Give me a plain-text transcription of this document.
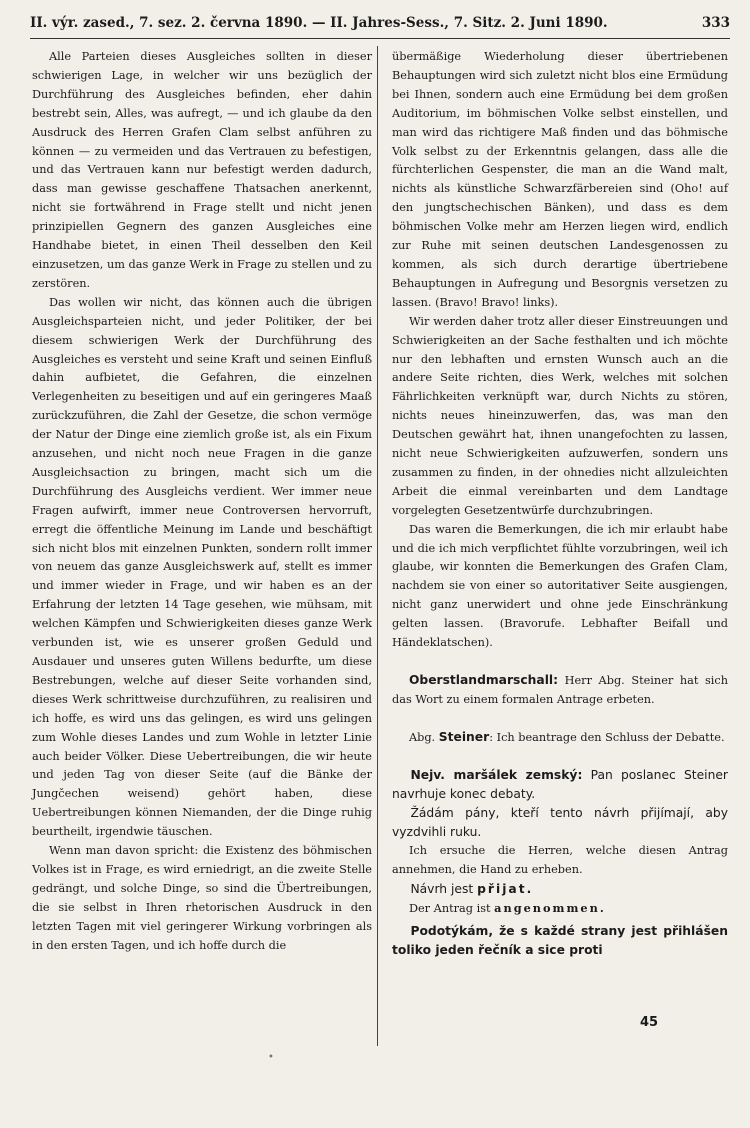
II. výr. zased., 7. sez. 2. června 1890. — II. Jahres-Sess., 7. Sitz. 2. Juni 1890.	333

Alle Parteien dieses Ausgleiches sollten in dieser schwierigen Lage, in welcher wir uns bezüglich der Durchführung des Ausgleiches befinden, eher dahin bestrebt sein, Alles, was aufregt, — und ich glaube da den Ausdruck des Herren Grafen Clam selbst anführen zu können — zu vermeiden und das Vertrauen zu befestigen, und das Vertrauen kann nur befestigt werden dadurch, dass man gewisse geschaffene Thatsachen anerkennt, nicht sie fortwährend in Frage stellt und nicht jenen prinzipiellen Gegnern des ganzen Ausgleiches eine Handhabe bietet, in einen Theil desselben den Keil einzusetzen, um das ganze Werk in Frage zu stellen und zu zerstören.

Das wollen wir nicht, das können auch die übrigen Ausgleichsparteien nicht, und jeder Politiker, der bei diesem schwierigen Werk der Durchführung des Ausgleiches es versteht und seine Kraft und seinen Einfluß dahin aufbietet, die Gefahren, die einzelnen Verlegenheiten zu beseitigen und auf ein geringeres Maaß zurückzuführen, die Zahl der Gesetze, die schon vermöge der Natur der Dinge eine ziemlich große ist, als ein Fixum anzusehen, und nicht noch neue Fragen in die ganze Ausgleichsaction zu bringen, macht sich um die Durchführung des Ausgleichs verdient. Wer immer neue Fragen aufwirft, immer neue Controversen hervorruft, erregt die öffentliche Meinung im Lande und beschäftigt sich nicht blos mit einzelnen Punkten, sondern rollt immer von neuem das ganze Ausgleichswerk auf, stellt es immer und immer wieder in Frage, und wir haben es an der Erfahrung der letzten 14 Tage gesehen, wie mühsam, mit welchen Kämpfen und Schwierigkeiten dieses ganze Werk verbunden ist, wie es unserer großen Geduld und Ausdauer und unseres guten Willens bedurfte, um diese Bestrebungen, welche auf dieser Seite vorhanden sind, dieses Werk schrittweise durchzuführen, zu realisiren und ich hoffe, es wird uns das gelingen, es wird uns gelingen zum Wohle dieses Landes und zum Wohle in letzter Linie auch beider Völker. Diese Uebertreibungen, die wir heute und jeden Tag von dieser Seite (auf die Bänke der Jungčechen weisend) gehört haben, diese Uebertreibungen können Niemanden, der die Dinge ruhig beurtheilt, irgendwie täuschen.

Wenn man davon spricht: die Existenz des böhmischen Volkes ist in Frage, es wird erniedrigt, an die zweite Stelle gedrängt, und solche Dinge, so sind die Übertreibungen, die sie selbst in Ihren rhetorischen Ausdruck in den letzten Tagen mit viel geringerer Wirkung vorbringen als in den ersten Tagen, und ich hoffe durch die

übermäßige Wiederholung dieser übertriebenen Behauptungen wird sich zuletzt nicht blos eine Ermüdung bei Ihnen, sondern auch eine Ermüdung bei dem großen Auditorium, im böhmischen Volke selbst einstellen, und man wird das richtigere Maß finden und das böhmische Volk selbst zu der Erkenntnis gelangen, dass alle die fürchterlichen Gespenster, die man an die Wand malt, nichts als künstliche Schwarzfärbereien sind (Oho! auf den jungtschechischen Bänken), und dass es dem böhmischen Volke mehr am Herzen liegen wird, endlich zur Ruhe mit seinen deutschen Landesgenossen zu kommen, als sich durch derartige übertriebene Behauptungen in Aufregung und Besorgnis versetzen zu lassen. (Bravo! Bravo! links).

Wir werden daher trotz aller dieser Einstreuungen und Schwierigkeiten an der Sache festhalten und ich möchte nur den lebhaften und ernsten Wunsch auch an die andere Seite richten, dies Werk, welches mit solchen Fährlichkeiten verknüpft war, durch Nichts zu stören, nichts neues hineinzuwerfen, das, was man den Deutschen gewährt hat, ihnen unangefochten zu lassen, nicht neue Schwierigkeiten aufzuwerfen, sondern uns zusammen zu finden, in der ohnedies nicht allzuleichten Arbeit die einmal vereinbarten und dem Landtage vorgelegten Gesetzentwürfe durchzubringen.

Das waren die Bemerkungen, die ich mir erlaubt habe und die ich mich verpflichtet fühlte vorzubringen, weil ich glaube, wir konnten die Bemerkungen des Grafen Clam, nachdem sie von einer so autoritativer Seite ausgiengen, nicht ganz unerwidert und ohne jede Einschränkung gelten lassen. (Bravorufe. Lebhafter Beifall und Händeklatschen).

Oberstlandmarschall: Herr Abg. Steiner hat sich das Wort zu einem formalen Antrage erbeten.

Abg. Steiner: Ich beantrage den Schluss der Debatte.

Nejv. maršálek zemský: Pan poslanec Steiner navrhuje konec debaty.

Žádám pány, kteří tento návrh přijímají, aby vyzdvihli ruku.

Ich ersuche die Herren, welche diesen Antrag annehmen, die Hand zu erheben.

Návrh jest přijat.

Der Antrag ist angenommen.

Podotýkám, že s každé strany jest přihlášen toliko jeden řečník a sice proti

45
•
